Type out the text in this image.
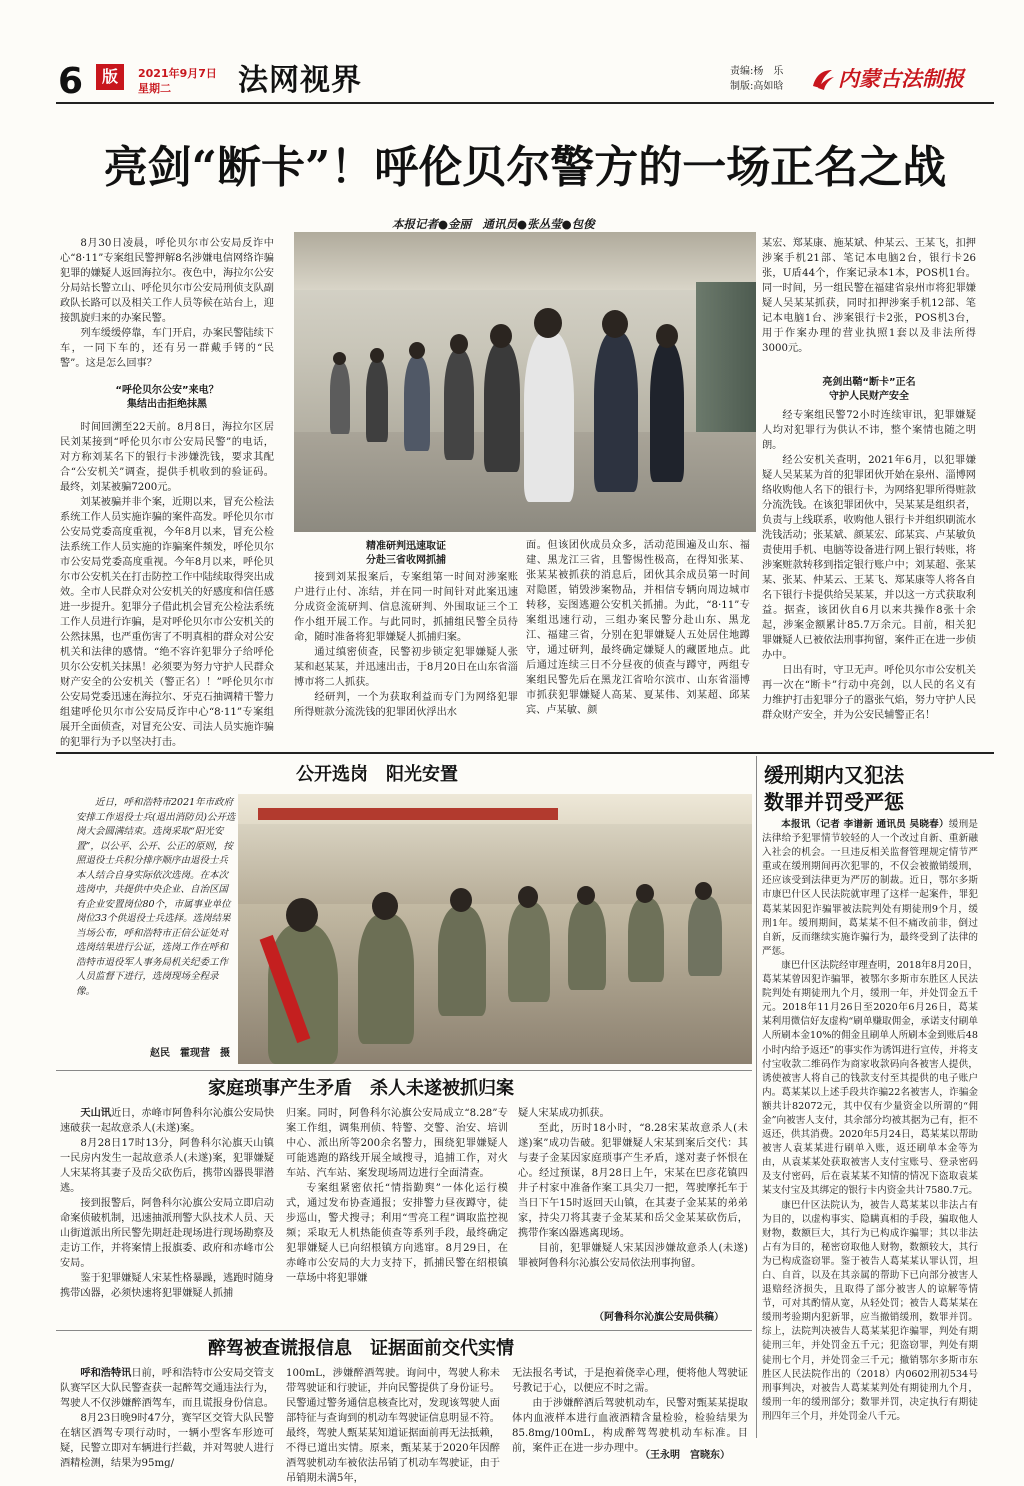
6	版	2021年9月7日
星期二	法网视界	责编:杨　乐
制版:高如晗	内蒙古法制报
亮剑“断卡”！呼伦贝尔警方的一场正名之战
本报记者●金丽　通讯员●张丛莹●包俊

8月30日凌晨，呼伦贝尔市公安局反诈中心“8·11”专案组民警押解8名涉嫌电信网络诈骗犯罪的嫌疑人返回海拉尔。夜色中，海拉尔公安分局站长警立山、呼伦贝尔市公安局刑侦支队副政队长路可以及相关工作人员等候在站台上，迎接凯旋归来的办案民警。

列车缓缓停靠，车门开启，办案民警陆续下车，一同下车的，还有另一群戴手铐的“民警”。这是怎么回事？

“呼伦贝尔公安”来电？
集结出击拒绝抹黑

时间回溯至22天前。8月8日，海拉尔区居民刘某接到“呼伦贝尔市公安局民警”的电话，对方称刘某名下的银行卡涉嫌洗钱，要求其配合“公安机关”调查，提供手机收到的验证码。最终，刘某被骗7200元。

刘某被骗并非个案，近期以来，冒充公检法系统工作人员实施诈骗的案件高发。呼伦贝尔市公安局党委高度重视，今年8月以来，冒充公检法系统工作人员实施的诈骗案件频发，呼伦贝尔市公安局党委高度重视。今年8月以来，呼伦贝尔市公安机关在打击防控工作中陆续取得突出成效。全市人民群众对公安机关的好感度和信任感进一步提升。犯罪分子借此机会冒充公检法系统工作人员进行诈骗，是对呼伦贝尔市公安机关的公然抹黑，也严重伤害了不明真相的群众对公安机关和法律的感情。“绝不容许犯罪分子给呼伦贝尔公安机关抹黑！必须要为努力守护人民群众财产安全的公安机关（警正名）！”呼伦贝尔市公安局党委迅速在海拉尔、牙克石抽调精干警力组建呼伦贝尔市公安局反诈中心“8·11”专案组展开全面侦查，对冒充公安、司法人员实施诈骗的犯罪行为予以坚决打击。

精准研判迅速取证
分赴三省收网抓捕

接到刘某报案后，专案组第一时间对涉案账户进行止付、冻结，并在同一时间针对此案迅速分成资金流研判、信息流研判、外围取证三个工作小组开展工作。与此同时，抓捕组民警全员待命，随时准备将犯罪嫌疑人抓捕归案。

通过缜密侦查，民警初步锁定犯罪嫌疑人张某和赵某某，并迅速出击，于8月20日在山东省淄博市将二人抓获。

经研判，一个为获取利益而专门为网络犯罪所得赃款分流洗钱的犯罪团伙浮出水

面。但该团伙成员众多，活动范围遍及山东、福建、黑龙江三省，且警惕性极高，在得知张某、张某某被抓获的消息后，团伙其余成员第一时间对隐匿，销毁涉案物品，并相信专辆向周边城市转移，妄图逃避公安机关抓捕。为此，“8·11”专案组迅速行动，三组办案民警分赴山东、黑龙江、福建三省，分别在犯罪嫌疑人五处居住地蹲守，通过研判，最终确定嫌疑人的藏匿地点。此后通过连续三日不分昼夜的侦查与蹲守，两组专案组民警先后在黑龙江省哈尔滨市、山东省淄博市抓获犯罪嫌疑人高某、夏某伟、刘某超、邱某宾、卢某敏、颜

某宏、郑某康、施某斌、仲某云、王某飞，扣押涉案手机21部、笔记本电脑2台，银行卡26张，U盾44个，作案记录本1本，POS机1台。同一时间，另一组民警在福建省泉州市将犯罪嫌疑人吴某某抓获，同时扣押涉案手机12部、笔记本电脑1台、涉案银行卡2张，POS机3台，用于作案办理的营业执照1套以及非法所得3000元。

亮剑出鞘“断卡”正名
守护人民财产安全

经专案组民警72小时连续审讯，犯罪嫌疑人均对犯罪行为供认不讳，整个案情也随之明朗。

经公安机关查明，2021年6月，以犯罪嫌疑人吴某某为首的犯罪团伙开始在泉州、淄博网络收购他人名下的银行卡，为网络犯罪所得赃款分流洗钱。在该犯罪团伙中，吴某某是组织者，负责与上线联系，收购他人银行卡并组织刷流水洗钱活动；张某斌、颜某宏、邱某宾、卢某敏负责使用手机、电脑等设备进行网上银行转账，将涉案赃款转移到指定银行账户中；刘某超、张某某、张某、仲某云、王某飞、郑某康等人将各自名下银行卡提供给吴某某，并以这一方式获取利益。据查，该团伙自6月以来共操作8张十余起，涉案金额累计85.7万余元。目前，相关犯罪嫌疑人已被依法刑事拘留，案件正在进一步侦办中。

日出有时，守卫无声。呼伦贝尔市公安机关再一次在“断卡”行动中亮剑，以人民的名义有力维护打击犯罪分子的嚣张气焰，努力守护人民群众财产安全，并为公安民辅警正名！

公开选岗　阳光安置

近日，呼和浩特市2021年市政府安排工作退役士兵(退出消防员)公开选岗大会圆满结束。选岗采取“阳光安置”，以公平、公开、公正的原则，按照退役士兵积分排序顺序由退役士兵本人结合自身实际依次选岗。在本次选岗中，共提供中央企业、自治区国有企业安置岗位80个，市属事业单位岗位33个供退役士兵选择。选岗结果当场公布，呼和浩特市正信公证处对选岗结果进行公证，选岗工作在呼和浩特市退役军人事务局机关纪委工作人员监督下进行，选岗现场全程录像。

赵民　霍现营　摄
缓刑期内又犯法
数罪并罚受严惩

本报讯（记者 李谱新 通讯员 吴晓春）缓刑是法律给予犯罪情节较轻的人一个改过自新、重新融入社会的机会。一旦违反相关监督管理规定情节严重或在缓刑期间再次犯罪的，不仅会被撤销缓刑，还应该受到法律更为严厉的制裁。近日，鄂尔多斯市康巴什区人民法院就审理了这样一起案件，罪犯葛某某因犯诈骗罪被法院判处有期徒刑9个月，缓刑1年。缓刑期间，葛某某不但不痛改前非，倒过自新，反而继续实施诈骗行为，最终受到了法律的严惩。

康巴什区法院经审理查明，2018年8月20日，葛某某曾因犯诈骗罪，被鄂尔多斯市东胜区人民法院判处有期徒刑九个月，缓刑一年，并处罚金五千元。2018年11月26日至2020年6月26日，葛某某利用微信好友虚构“刷单赚取佣金，承诺支付刷单人所刷本金10%的佣金且刷单人所刷本金到账后48小时内给予返还”的事实作为诱饵进行宣传，并将支付宝收款二维码作为商家收款码向各被害人提供，诱使被害人将自己的钱款支付至其提供的电子账户内。葛某某以上述手段共诈骗22名被害人，诈骗金额共计82072元，其中仅有少量资金以所谓的“佣金”向被害人支付，其余部分均被其据为己有，拒不返还，供其消费。2020年5月24日，葛某某以帮助被害人袁某某进行刷单入账，返还刷单本金等为由，从袁某某处获取被害人支付宝账号、登录密码及支付密码，后在袁某某不知情的情况下盗取袁某某支付宝及其绑定的银行卡内资金共计7580.7元。

康巴什区法院认为，被告人葛某某以非法占有为目的，以虚构事实、隐瞒真相的手段，骗取他人财物，数额巨大，其行为已构成诈骗罪；其以非法占有为目的，秘密窃取他人财物，数额较大，其行为已构成盗窃罪。鉴于被告人葛某某认罪认罚，坦白、自首，以及在其亲属的帮助下已向部分被害人退赔经济损失，且取得了部分被害人的谅解等情节，可对其酌情从宽，从轻处罚；被告人葛某某在缓刑考验期内犯新罪，应当撤销缓刑，数罪并罚。综上，法院判决被告人葛某某犯诈骗罪，判处有期徒刑三年，并处罚金五千元；犯盗窃罪，判处有期徒刑七个月，并处罚金三千元；撤销鄂尔多斯市东胜区人民法院作出的（2018）内0602刑初534号刑事判决，对被告人葛某某判处有期徒刑九个月，缓刑一年的缓刑部分；数罪并罚，决定执行有期徒刑四年三个月，并处罚金八千元。

家庭琐事产生矛盾　杀人未遂被抓归案

天山讯近日，赤峰市阿鲁科尔沁旗公安局快速破获一起故意杀人(未遂)案。

8月28日17时13分，阿鲁科尔沁旗天山镇一民房内发生一起故意杀人(未遂)案，犯罪嫌疑人宋某将其妻子及岳父砍伤后，携带凶器畏罪潜逃。

接到报警后，阿鲁科尔沁旗公安局立即启动命案侦破机制，迅速抽派刑警大队技术人员、天山街道派出所民警先期赶赴现场进行现场勘察及走访工作，并将案情上报旗委、政府和赤峰市公安局。

鉴于犯罪嫌疑人宋某性格暴躁，逃跑时随身携带凶器，必须快速将犯罪嫌疑人抓捕

归案。同时，阿鲁科尔沁旗公安局成立“8.28”专案工作组，调集刑侦、特警、交警、治安、培训中心、派出所等200余名警力，围绕犯罪嫌疑人可能逃跑的路线开展全域搜寻，追捕工作，对火车站、汽车站、案发现场周边进行全面清查。

专案组紧密依托“情指勤舆”一体化运行模式，通过发布协查通报；安排警力昼夜蹲守，徒步巡山，警犬搜寻；利用“雪亮工程”调取监控视频；采取无人机热能侦查等系列手段，最终确定犯罪嫌疑人已向绍根镇方向逃窜。8月29日，在赤峰市公安局的大力支持下，抓捕民警在绍根镇一草场中将犯罪嫌

疑人宋某成功抓获。

至此，历时18小时，“8.28宋某故意杀人(未遂)案”成功告破。犯罪嫌疑人宋某到案后交代：其与妻子金某因家庭琐事产生矛盾，遂对妻子怀恨在心。经过预谋，8月28日上午，宋某在巴彦花镇四井子村家中准备作案工具尖刀一把，驾驶摩托车于当日下午15时返回天山镇，在其妻子金某某的弟弟家，持尖刀将其妻子金某某和岳父金某某砍伤后，携带作案凶器逃离现场。

目前，犯罪嫌疑人宋某因涉嫌故意杀人(未遂)罪被阿鲁科尔沁旗公安局依法刑事拘留。

（阿鲁科尔沁旗公安局供稿）
醉驾被查谎报信息　证据面前交代实情

呼和浩特讯日前，呼和浩特市公安局交管支队赛罕区大队民警查获一起醉驾交通违法行为，驾驶人不仅涉嫌醉酒驾车，而且谎报身份信息。

8月23日晚9时47分，赛罕区交管大队民警在辖区酒驾专项行动时，一辆小型客车形迹可疑，民警立即对车辆进行拦截，并对驾驶人进行酒精检测，结果为95mg/

100mL，涉嫌醉酒驾驶。询问中，驾驶人称未带驾驶证和行驶证，并向民警提供了身份证号。民警通过警务通信息核查比对，发现该驾驶人面部特征与查询到的机动车驾驶证信息明显不符。最终，驾驶人甄某某知道证据面前再无法抵赖，不得已道出实情。原来，甄某某于2020年因醉酒驾驶机动车被依法吊销了机动车驾驶证，由于吊销期未满5年，

无法报名考试，于是抱着侥幸心理，便将他人驾驶证号教记于心，以便应不时之需。

由于涉嫌醉酒后驾驶机动车，民警对甄某某提取体内血液样本进行血液酒精含量检验，检验结果为85.8mg/100mL，构成醉驾驾驶机动车标准。目前，案件正在进一步办理中。

（王永明　宫晓东）
